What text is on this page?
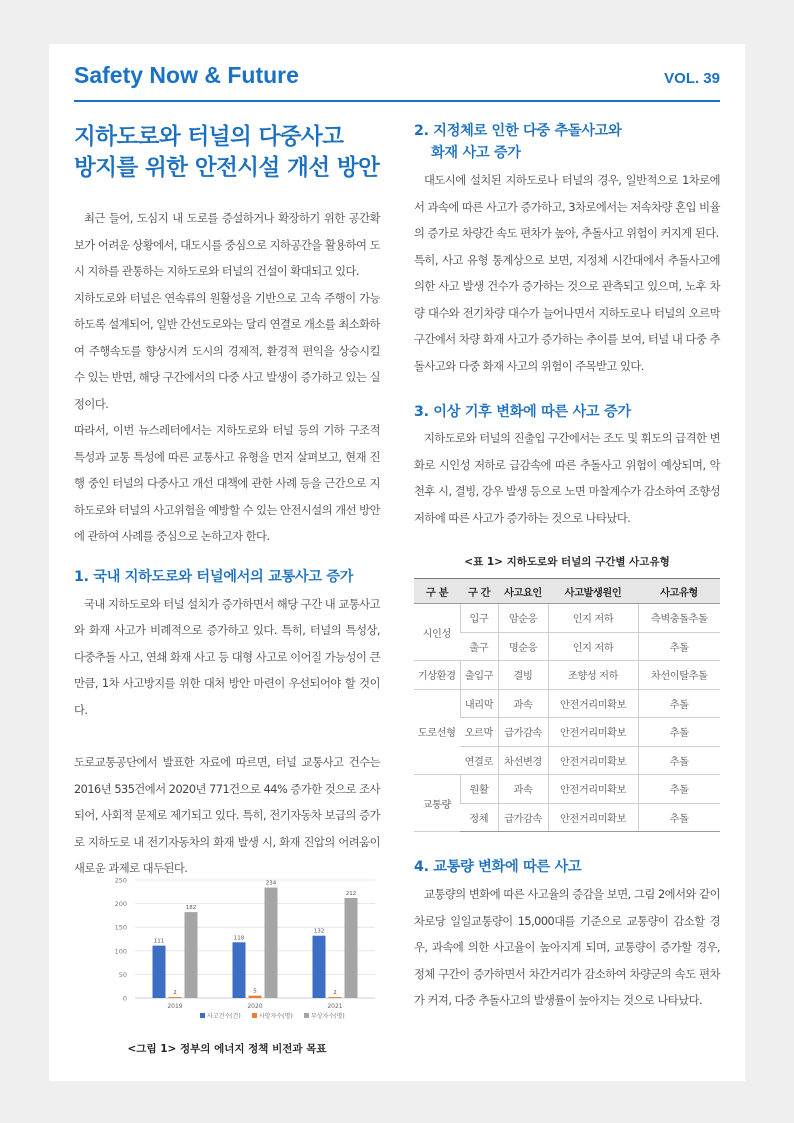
Safety Now & Future	VOL. 39
지하도로와 터널의 다중사고
방지를 위한 안전시설 개선 방안

최근 들어, 도심지 내 도로를 증설하거나 확장하기 위한 공간확보가 어려운 상황에서, 대도시를 중심으로 지하공간을 활용하여 도시 지하를 관통하는 지하도로와 터널의 건설이 확대되고 있다.

지하도로와 터널은 연속류의 원활성을 기반으로 고속 주행이 가능하도록 설계되어, 일반 간선도로와는 달리 연결로 개소를 최소화하여 주행속도를 향상시켜 도시의 경제적, 환경적 편익을 상승시킬 수 있는 반면, 해당 구간에서의 다중 사고 발생이 증가하고 있는 실정이다.

따라서, 이번 뉴스레터에서는 지하도로와 터널 등의 기하 구조적 특성과 교통 특성에 따른 교통사고 유형을 먼저 살펴보고, 현재 진행 중인 터널의 다중사고 개선 대책에 관한 사례 등을 근간으로 지하도로와 터널의 사고위험을 예방할 수 있는 안전시설의 개선 방안에 관하여 사례를 중심으로 논하고자 한다.

1. 국내 지하도로와 터널에서의 교통사고 증가

국내 지하도로와 터널 설치가 증가하면서 해당 구간 내 교통사고와 화재 사고가 비례적으로 증가하고 있다. 특히, 터널의 특성상, 다중추돌 사고, 연쇄 화재 사고 등 대형 사고로 이어질 가능성이 큰 만큼, 1차 사고방지를 위한 대처 방안 마련이 우선되어야 할 것이다.

도로교통공단에서 발표한 자료에 따르면, 터널 교통사고 건수는 2016년 535건에서 2020년 771건으로 44% 증가한 것으로 조사되어, 사회적 문제로 제기되고 있다. 특히, 전기자동차 보급의 증가로 지하도로 내 전기자동차의 화재 발생 시, 화재 진압의 어려움이 새로운 과제로 대두된다.

250
200
150
100
50
0
111
2
182
2019
118
5
234
2020
132
2
212
2021
사고건수(건)	사망자수(명)	부상자수(명)
<그림 1> 정부의 에너지 정책 비전과 목표
2. 지정체로 인한 다중 추돌사고와
화재 사고 증가

대도시에 설치된 지하도로나 터널의 경우, 일반적으로 1차로에서 과속에 따른 사고가 증가하고, 3차로에서는 저속차량 혼입 비율의 증가로 차량간 속도 편차가 높아, 추돌사고 위험이 커지게 된다.

특히, 사고 유형 통계상으로 보면, 지정체 시간대에서 추돌사고에 의한 사고 발생 건수가 증가하는 것으로 관측되고 있으며, 노후 차량 대수와 전기차량 대수가 늘어나면서 지하도로나 터널의 오르막 구간에서 차량 화재 사고가 증가하는 추이를 보여, 터널 내 다중 추돌사고와 다중 화재 사고의 위험이 주목받고 있다.

3. 이상 기후 변화에 따른 사고 증가

지하도로와 터널의 진출입 구간에서는 조도 및 휘도의 급격한 변화로 시인성 저하로 급감속에 따른 추돌사고 위험이 예상되며, 악천후 시, 결빙, 강우 발생 등으로 노면 마찰계수가 감소하여 조향성 저하에 따른 사고가 증가하는 것으로 나타났다.

<표 1> 지하도로와 터널의 구간별 사고유형
구 분	구 간	사고요인	사고발생원인	사고유형
시인성	입구	암순응	인지 저하	측벽충돌추돌
	출구	명순응	인지 저하	추돌
기상환경	출입구	결빙	조향성 저하	차선이탈추돌
도로선형	내리막	과속	안전거리미확보	추돌
	오르막	급가감속	안전거리미확보	추돌
	연결로	차선변경	안전거리미확보	추돌
교통량	원활	과속	안전거리미확보	추돌
	정체	급가감속	안전거리미확보	추돌
4. 교통량 변화에 따른 사고

교통량의 변화에 따른 사고율의 증감을 보면, 그림 2에서와 같이 차로당 일일교통량이 15,000대를 기준으로 교통량이 감소할 경우, 과속에 의한 사고율이 높아지게 되며, 교통량이 증가할 경우, 정체 구간이 증가하면서 차간거리가 감소하여 차량군의 속도 편차가 커져, 다중 추돌사고의 발생률이 높아지는 것으로 나타났다.
